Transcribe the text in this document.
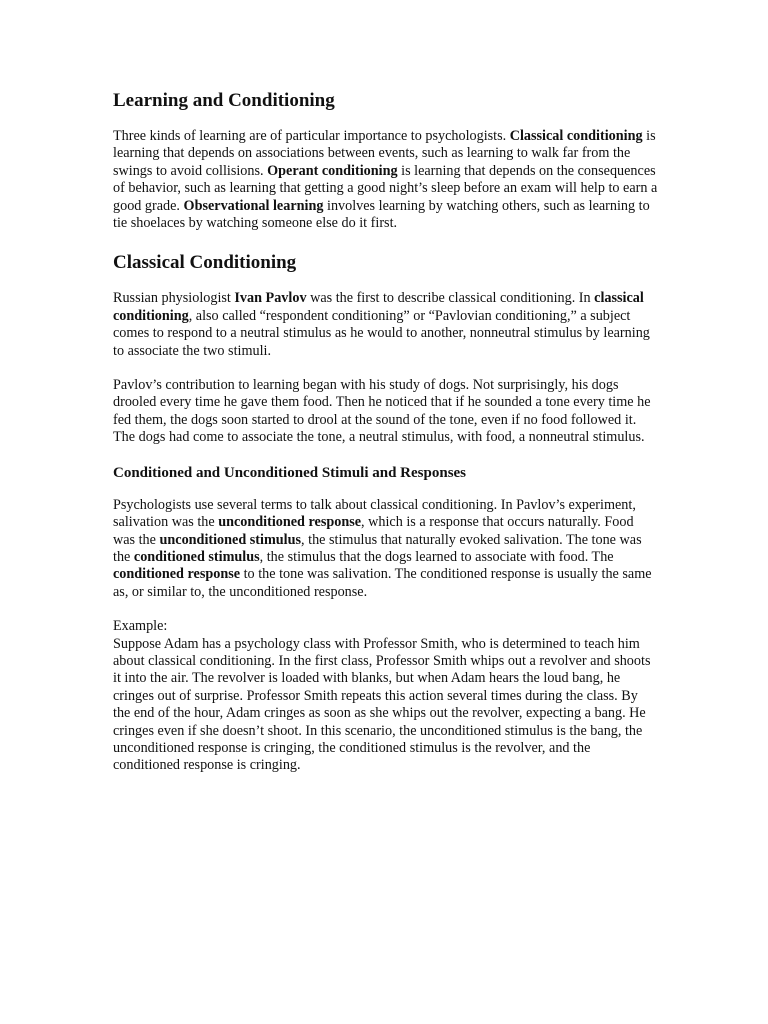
Learning and Conditioning

Three kinds of learning are of particular importance to psychologists. Classical conditioning is learning that depends on associations between events, such as learning to walk far from the swings to avoid collisions. Operant conditioning is learning that depends on the consequences of behavior, such as learning that getting a good night’s sleep before an exam will help to earn a good grade. Observational learning involves learning by watching others, such as learning to tie shoelaces by watching someone else do it first.

Classical Conditioning

Russian physiologist Ivan Pavlov was the first to describe classical conditioning. In classical conditioning, also called “respondent conditioning” or “Pavlovian conditioning,” a subject comes to respond to a neutral stimulus as he would to another, nonneutral stimulus by learning to associate the two stimuli.

Pavlov’s contribution to learning began with his study of dogs. Not surprisingly, his dogs drooled every time he gave them food. Then he noticed that if he sounded a tone every time he fed them, the dogs soon started to drool at the sound of the tone, even if no food followed it. The dogs had come to associate the tone, a neutral stimulus, with food, a nonneutral stimulus.

Conditioned and Unconditioned Stimuli and Responses

Psychologists use several terms to talk about classical conditioning. In Pavlov’s experiment, salivation was the unconditioned response, which is a response that occurs naturally. Food was the unconditioned stimulus, the stimulus that naturally evoked salivation. The tone was the conditioned stimulus, the stimulus that the dogs learned to associate with food. The conditioned response to the tone was salivation. The conditioned response is usually the same as, or similar to, the unconditioned response.

Example:

Suppose Adam has a psychology class with Professor Smith, who is determined to teach him about classical conditioning. In the first class, Professor Smith whips out a revolver and shoots it into the air. The revolver is loaded with blanks, but when Adam hears the loud bang, he cringes out of surprise. Professor Smith repeats this action several times during the class. By the end of the hour, Adam cringes as soon as she whips out the revolver, expecting a bang. He cringes even if she doesn’t shoot. In this scenario, the unconditioned stimulus is the bang, the unconditioned response is cringing, the conditioned stimulus is the revolver, and the conditioned response is cringing.
